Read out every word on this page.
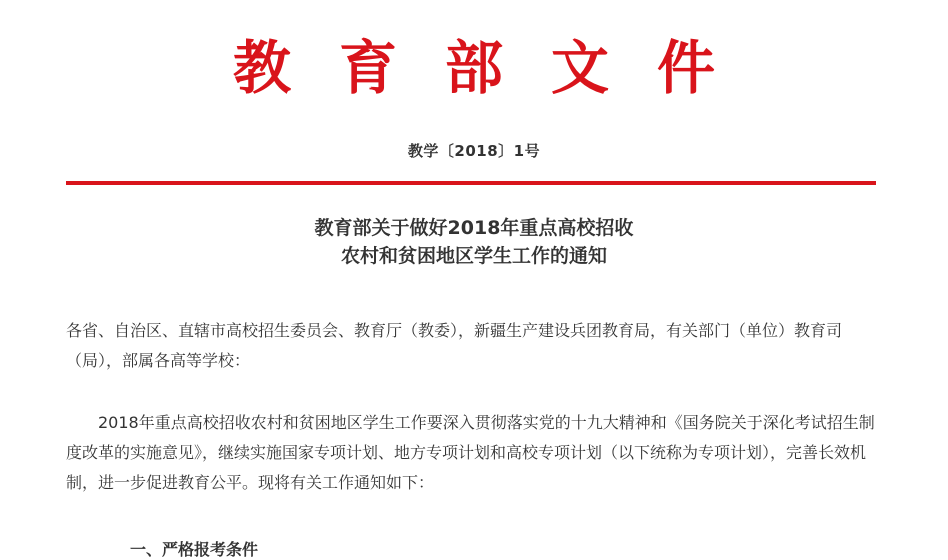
教育部文件
教学〔2018〕1号
教育部关于做好2018年重点高校招收
农村和贫困地区学生工作的通知
各省、自治区、直辖市高校招生委员会、教育厅（教委），新疆生产建设兵团教育局，有关部门（单位）教育司（局），部属各高等学校：
2018年重点高校招收农村和贫困地区学生工作要深入贯彻落实党的十九大精神和《国务院关于深化考试招生制度改革的实施意见》，继续实施国家专项计划、地方专项计划和高校专项计划（以下统称为专项计划），完善长效机制，进一步促进教育公平。现将有关工作通知如下：
一、严格报考条件
